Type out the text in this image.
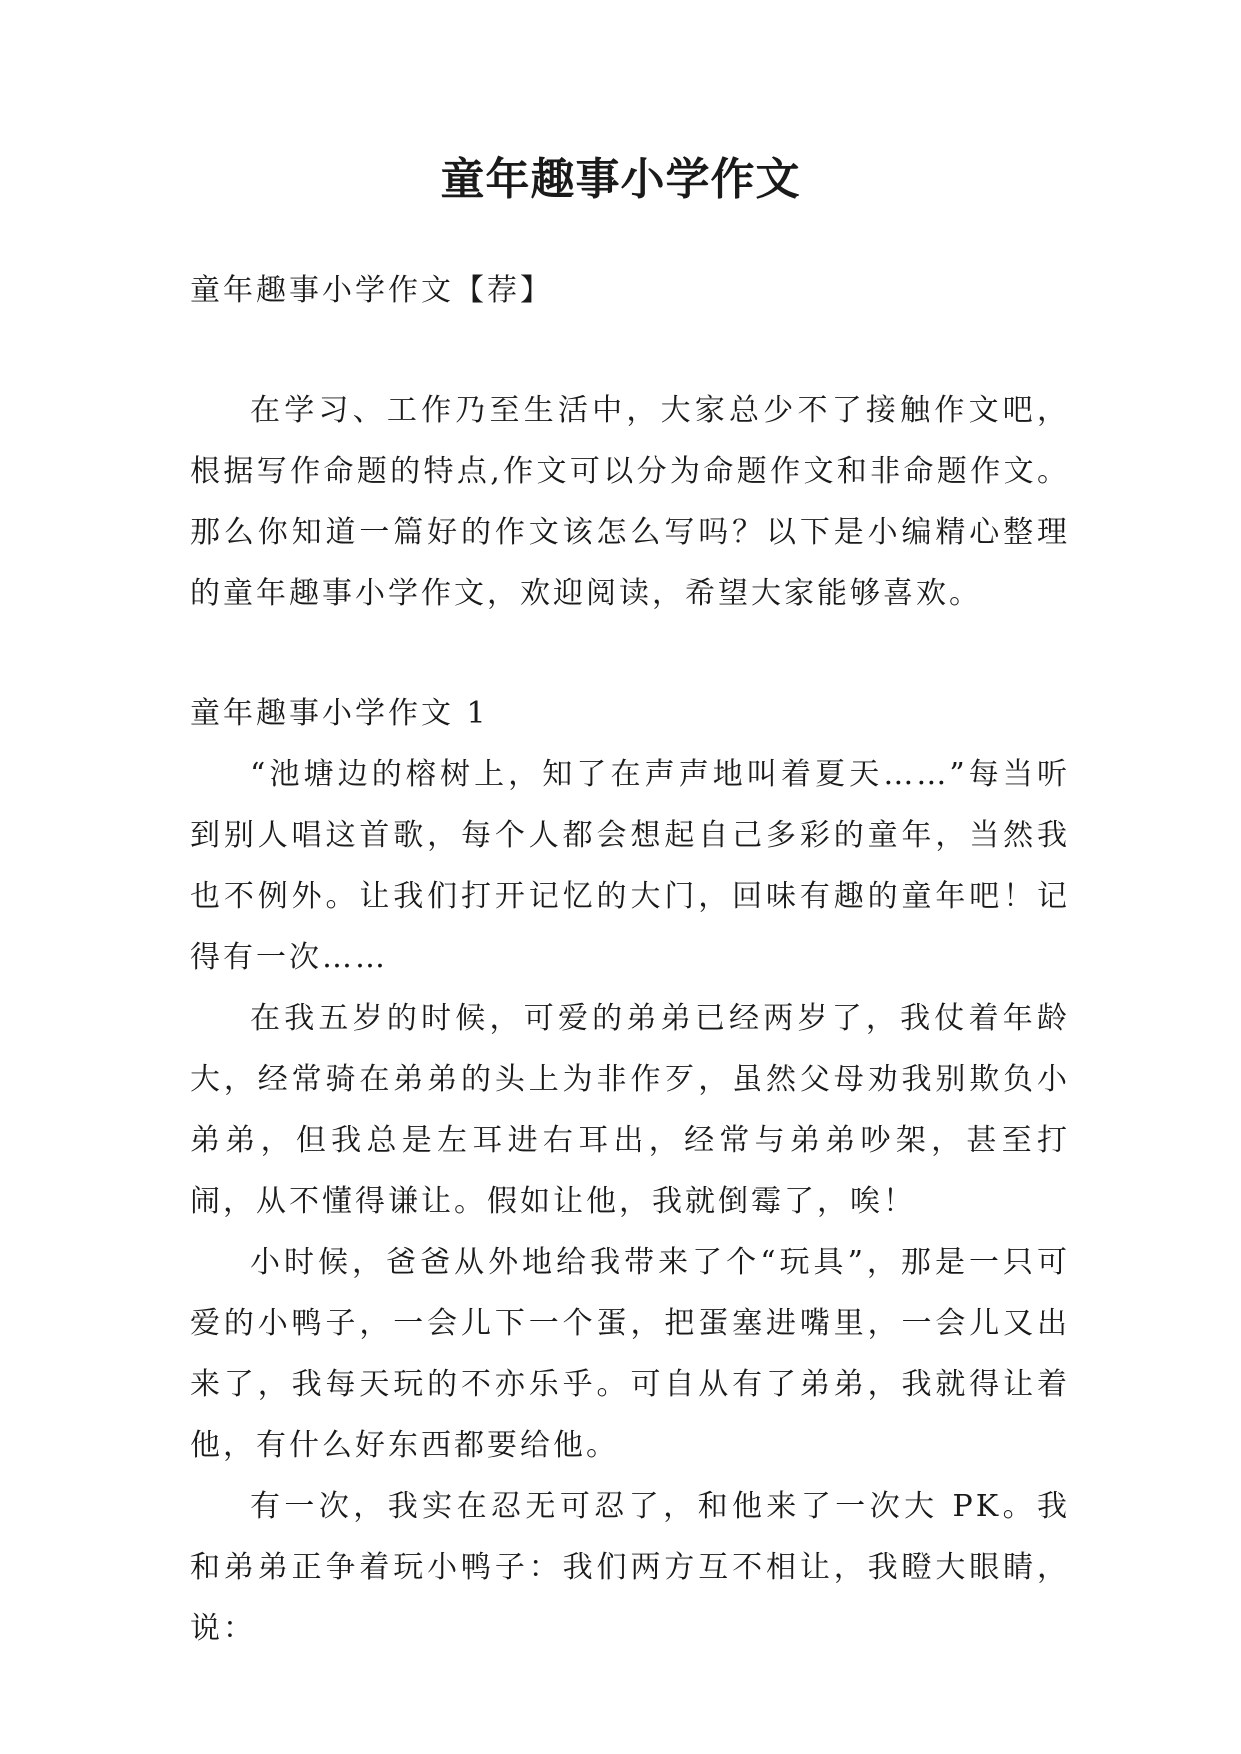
童年趣事小学作文

童年趣事小学作文【荐】

在学习、工作乃至生活中，大家总少不了接触作文吧，根据写作命题的特点,作文可以分为命题作文和非命题作文。那么你知道一篇好的作文该怎么写吗？以下是小编精心整理的童年趣事小学作文，欢迎阅读，希望大家能够喜欢。

童年趣事小学作文 1

“池塘边的榕树上，知了在声声地叫着夏天……”每当听到别人唱这首歌，每个人都会想起自己多彩的童年，当然我也不例外。让我们打开记忆的大门，回味有趣的童年吧！记得有一次……

在我五岁的时候，可爱的弟弟已经两岁了，我仗着年龄大，经常骑在弟弟的头上为非作歹，虽然父母劝我别欺负小弟弟，但我总是左耳进右耳出，经常与弟弟吵架，甚至打闹，从不懂得谦让。假如让他，我就倒霉了，唉！

小时候，爸爸从外地给我带来了个“玩具”，那是一只可爱的小鸭子，一会儿下一个蛋，把蛋塞进嘴里，一会儿又出来了，我每天玩的不亦乐乎。可自从有了弟弟，我就得让着他，有什么好东西都要给他。

有一次，我实在忍无可忍了，和他来了一次大 PK。我和弟弟正争着玩小鸭子：我们两方互不相让，我瞪大眼睛，说：
